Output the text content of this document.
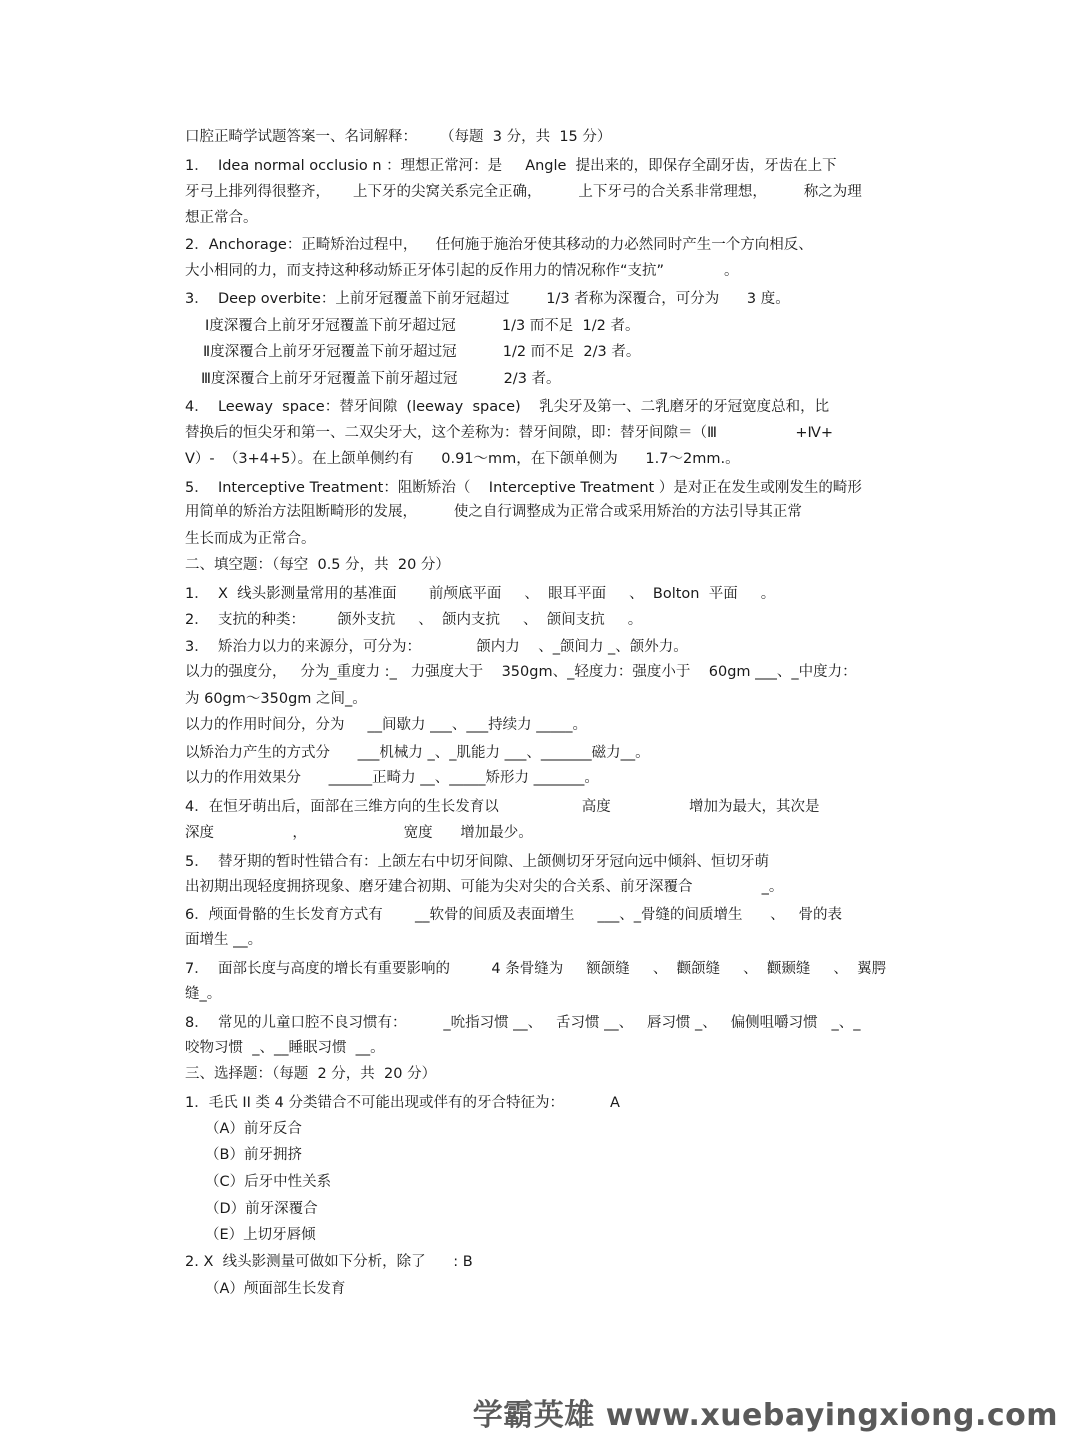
口腔正畸学试题答案一、名词解释：     （每题  3 分，共  15 分）
1．  Idea normal occlusio n ：理想正常河：是     Angle  提出来的，即保存全副牙齿，牙齿在上下
牙弓上排列得很整齐，     上下牙的尖窝关系完全正确，        上下牙弓的合关系非常理想，        称之为理
想正常合。
2．Anchorage：正畸矫治过程中，    任何施于施治牙使其移动的力必然同时产生一个方向相反、
大小相同的力，而支持这种移动矫正牙体引起的反作用力的情况称作“支抗”             。
3．  Deep overbite：上前牙冠覆盖下前牙冠超过        1/3 者称为深覆合，可分为      3 度。
Ⅰ度深覆合上前牙牙冠覆盖下前牙超过冠          1/3 而不足  1/2 者。
Ⅱ度深覆合上前牙牙冠覆盖下前牙超过冠          1/2 而不足  2/3 者。
Ⅲ度深覆合上前牙牙冠覆盖下前牙超过冠          2/3 者。
4．  Leeway  space：替牙间隙  (leeway  space)    乳尖牙及第一、二乳磨牙的牙冠宽度总和，比
替换后的恒尖牙和第一、二双尖牙大，这个差称为：替牙间隙，即：替牙间隙＝（Ⅲ                 +Ⅳ+
Ⅴ）-  （3+4+5）。在上颌单侧约有      0.91～mm，在下颌单侧为      1.7～2mm.。
5．  Interceptive Treatment：阻断矫治（    Interceptive Treatment ）是对正在发生或刚发生的畸形
用简单的矫治方法阻断畸形的发展，        使之自行调整成为正常合或采用矫治的方法引导其正常
生长而成为正常合。
二、填空题：（每空  0.5 分，共  20 分）
1．  X  线头影测量常用的基准面       前颅底平面     、  眼耳平面     、  Bolton  平面     。
2．  支抗的种类：       颌外支抗     、  颌内支抗     、  颌间支抗     。
3．  矫治力以力的来源分，可分为：            颌内力    、_颌间力 _、颌外力。
以力的强度分，   分为_重度力 :_   力强度大于    350gm、_轻度力：强度小于    60gm ___、_中度力：
为 60gm～350gm 之间_。
以力的作用时间分，分为     __间歇力 ___、___持续力 _____。
以矫治力产生的方式分      ___机械力 _、_肌能力 ___、_______磁力__。
以力的作用效果分      ______正畸力 __、_____矫形力 _______。
4．在恒牙萌出后，面部在三维方向的生长发育以                  高度                 增加为最大，其次是
深度                 ，                     宽度      增加最少。
5．  替牙期的暂时性错合有：上颌左右中切牙间隙、上颌侧切牙牙冠向远中倾斜、恒切牙萌
出初期出现轻度拥挤现象、磨牙建合初期、可能为尖对尖的合关系、前牙深覆合               _。
6．颅面骨骼的生长发育方式有       __软骨的间质及表面增生     ___、_骨缝的间质增生      、   骨的表
面增生 __。
7．  面部长度与高度的增长有重要影响的         4 条骨缝为     额颌缝     、  颧颌缝     、  颧颞缝     、  翼腭
缝_。
8．  常见的儿童口腔不良习惯有：        _吮指习惯 __、   舌习惯 __、   唇习惯 _、   偏侧咀嚼习惯   _、_
咬物习惯  _、__睡眠习惯  __。
三、选择题：（每题  2 分，共  20 分）
1．毛氏 II 类 4 分类错合不可能出现或伴有的牙合特征为：          A
（A）前牙反合
（B）前牙拥挤
（C）后牙中性关系
（D）前牙深覆合
（E）上切牙唇倾
2. X  线头影测量可做如下分析，除了      : B
（A）颅面部生长发育
学霸英雄 www.xuebayingxiong.com
